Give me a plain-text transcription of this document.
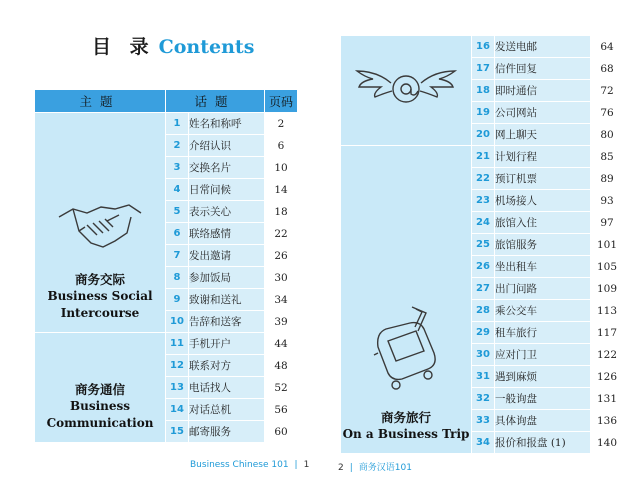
目 录 Contents
主题	话题		页码

商务交际
Business Social
Intercourse	1	姓名和称呼	2
	2	介绍认识	6
	3	交换名片	10
	4	日常问候	14
	5	表示关心	18
	6	联络感情	22
	7	发出邀请	26
	8	参加饭局	30
	9	致谢和送礼	34
	10	告辞和送客	39

商务通信
Business
Communication	11	手机开户	44
	12	联系对方	48
	13	电话找人	52
	14	对话总机	56
	15	邮寄服务	60
Business Chinese 101 | 1
	16	发送电邮	64
	17	信件回复	68
	18	即时通信	72
	19	公司网站	76
	20	网上聊天	80

商务旅行
On a Business Trip	21	计划行程	85
	22	预订机票	89
	23	机场接人	93
	24	旅馆入住	97
	25	旅馆服务	101
	26	坐出租车	105
	27	出门问路	109
	28	乘公交车	113
	29	租车旅行	117
	30	应对门卫	122
	31	遇到麻烦	126
	32	一般询盘	131
	33	具体询盘	136
	34	报价和报盘 (1)	140
2 | 商务汉语101
